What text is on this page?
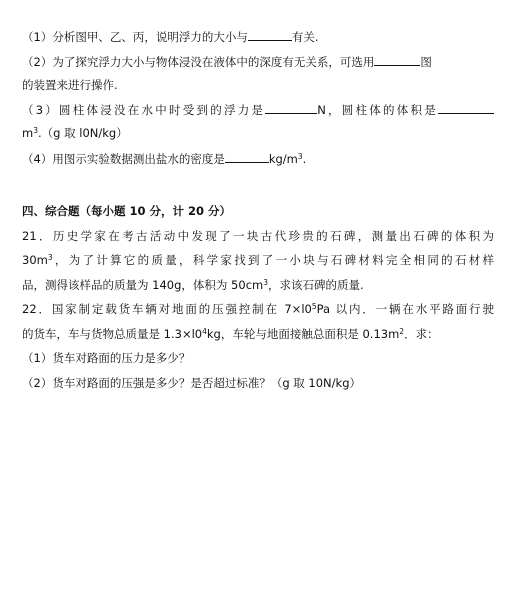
（1）分析图甲、乙、丙，说明浮力的大小与	有关.
（2）为了探究浮力大小与物体浸没在液体中的深度有无关系，可选用	图
的装置来进行操作.
（3）圆柱体浸没在水中时受到的浮力是	N，圆柱体的体积是
$m^3.(g$ 取 l0N/kg）
（4）用图示实验数据测出盐水的密度是	$kg/m^3$.
四、综合题（每小题 10 分，计 20 分）
21．历史学家在考古活动中发现了一块古代珍贵的石碑，测量出石碑的体积为
$30m^3$，为了计算它的质量，科学家找到了一小块与石碑材料完全相同的石材样
品，测得该样品的质量为 140g，体积为 $50cm^3$，求该石碑的质量.
22．国家制定载货车辆对地面的压强控制在 $7\times l0^5Pa$ 以内．一辆在水平路面行驶
的货车，车与货物总质量是 $1.3\times l0^4kg$，车轮与地面接触总面积是 $0.13m^2$．求：
（1）货车对路面的压力是多少？
（2）货车对路面的压强是多少？是否超过标准？（g 取 10N/kg）
